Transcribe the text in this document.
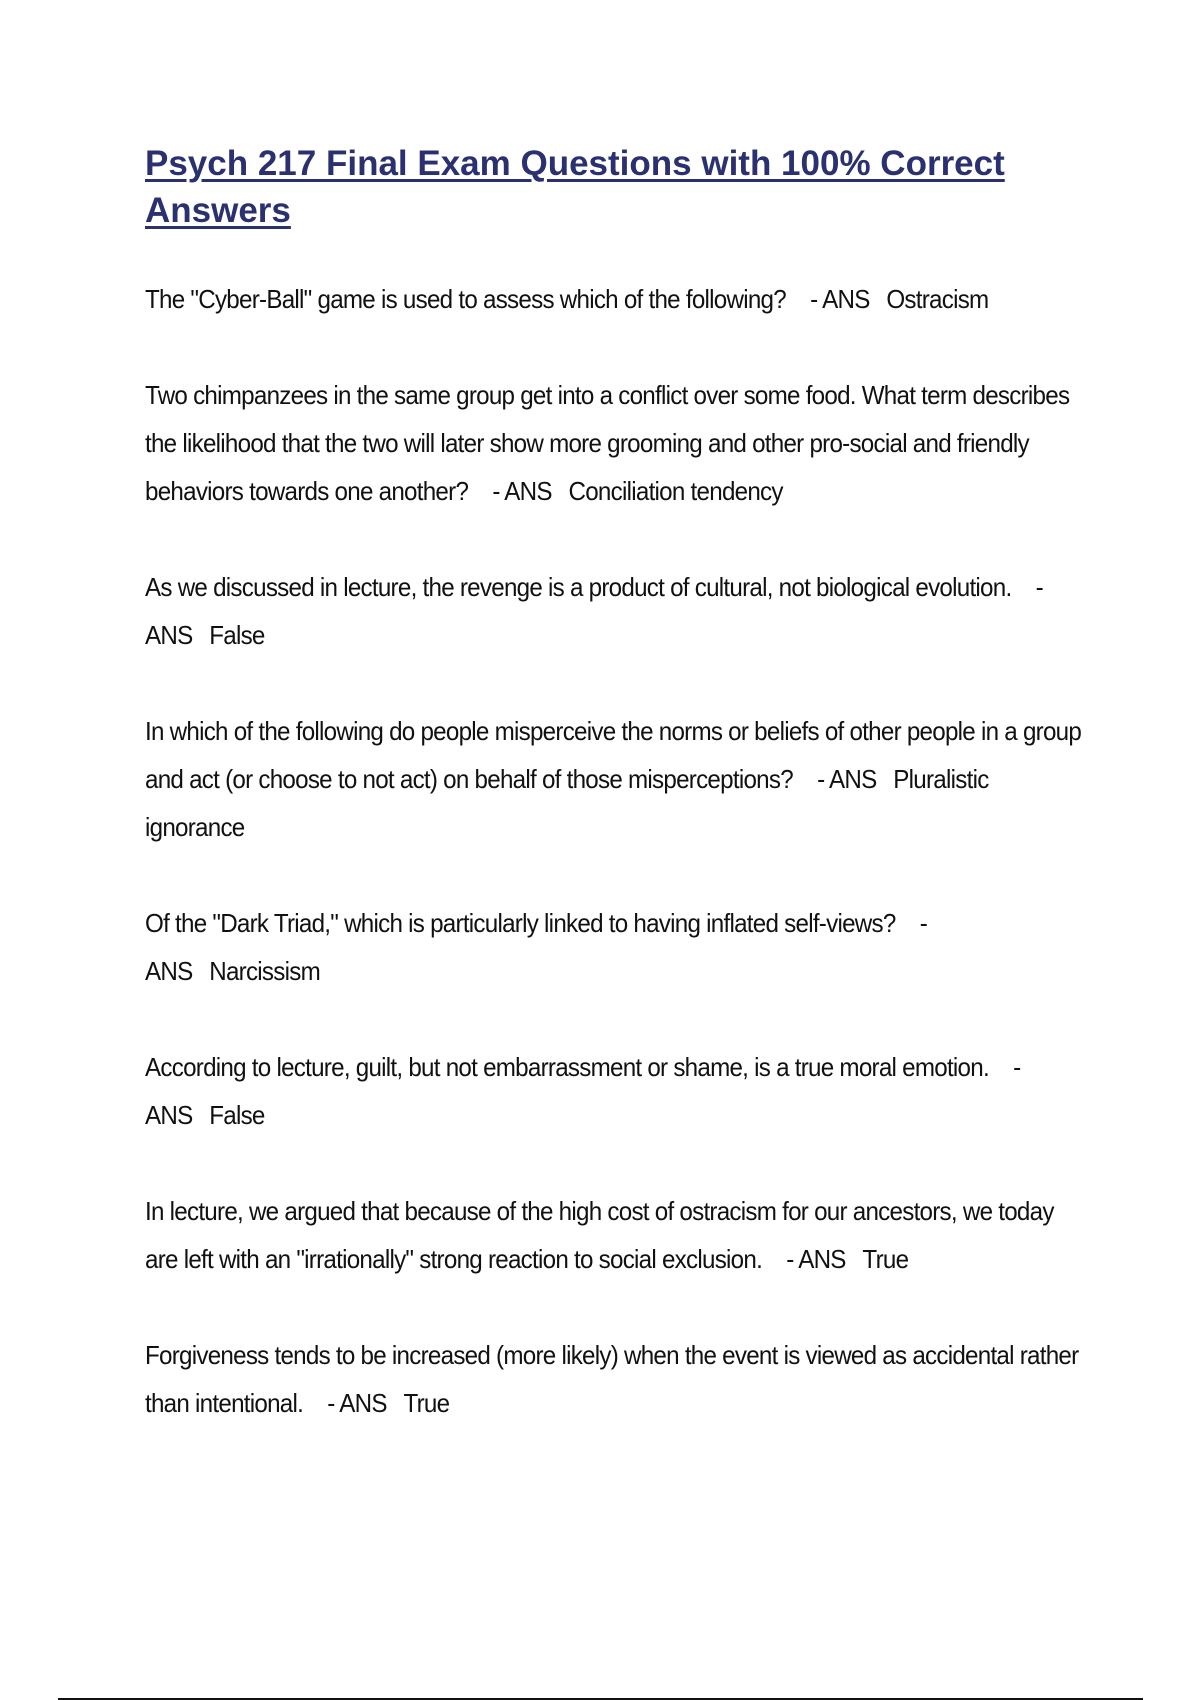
Psych 217 Final Exam Questions with 100% Correct Answers

The "Cyber-Ball" game is used to assess which of the following? - ANS Ostracism

Two chimpanzees in the same group get into a conflict over some food. What term describes the likelihood that the two will later show more grooming and other pro-social and friendly behaviors towards one another? - ANS Conciliation tendency

As we discussed in lecture, the revenge is a product of cultural, not biological evolution. - ANS False

In which of the following do people misperceive the norms or beliefs of other people in a group and act (or choose to not act) on behalf of those misperceptions? - ANS Pluralistic ignorance

Of the "Dark Triad," which is particularly linked to having inflated self-views? - ANS Narcissism

According to lecture, guilt, but not embarrassment or shame, is a true moral emotion. - ANS False

In lecture, we argued that because of the high cost of ostracism for our ancestors, we today are left with an "irrationally" strong reaction to social exclusion. - ANS True

Forgiveness tends to be increased (more likely) when the event is viewed as accidental rather than intentional. - ANS True
